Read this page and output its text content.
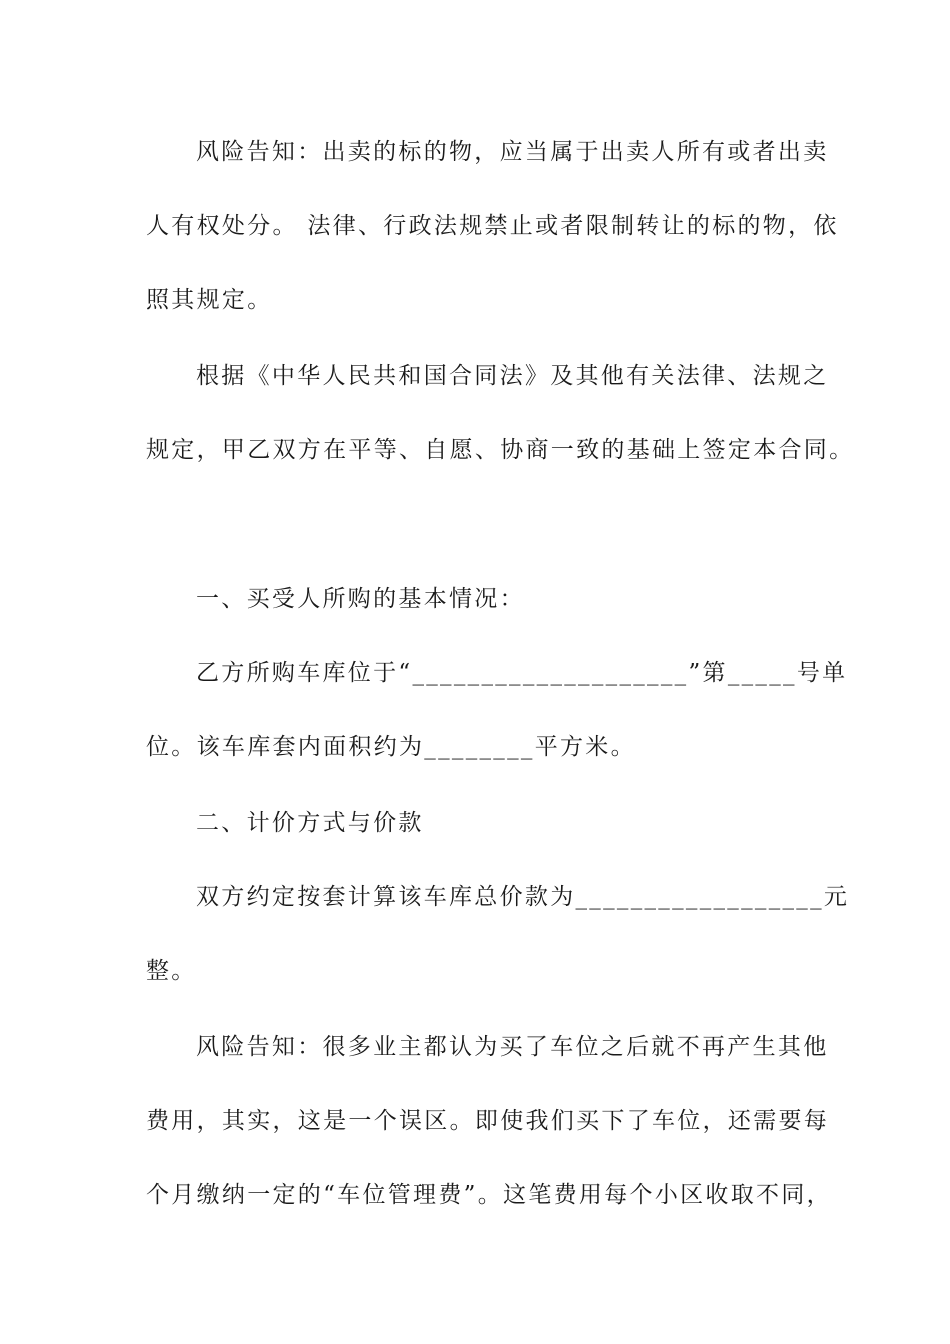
风险告知：出卖的标的物，应当属于出卖人所有或者出卖
人有权处分。 法律、行政法规禁止或者限制转让的标的物，依
照其规定。
根据《中华人民共和国合同法》及其他有关法律、法规之
规定，甲乙双方在平等、自愿、协商一致的基础上签定本合同。
一、买受人所购的基本情况：
乙方所购车库位于“____________________”第_____号单
位。该车库套内面积约为________平方米。
二、计价方式与价款
双方约定按套计算该车库总价款为__________________元
整。
风险告知：很多业主都认为买了车位之后就不再产生其他
费用，其实，这是一个误区。即使我们买下了车位，还需要每
个月缴纳一定的“车位管理费”。这笔费用每个小区收取不同，
